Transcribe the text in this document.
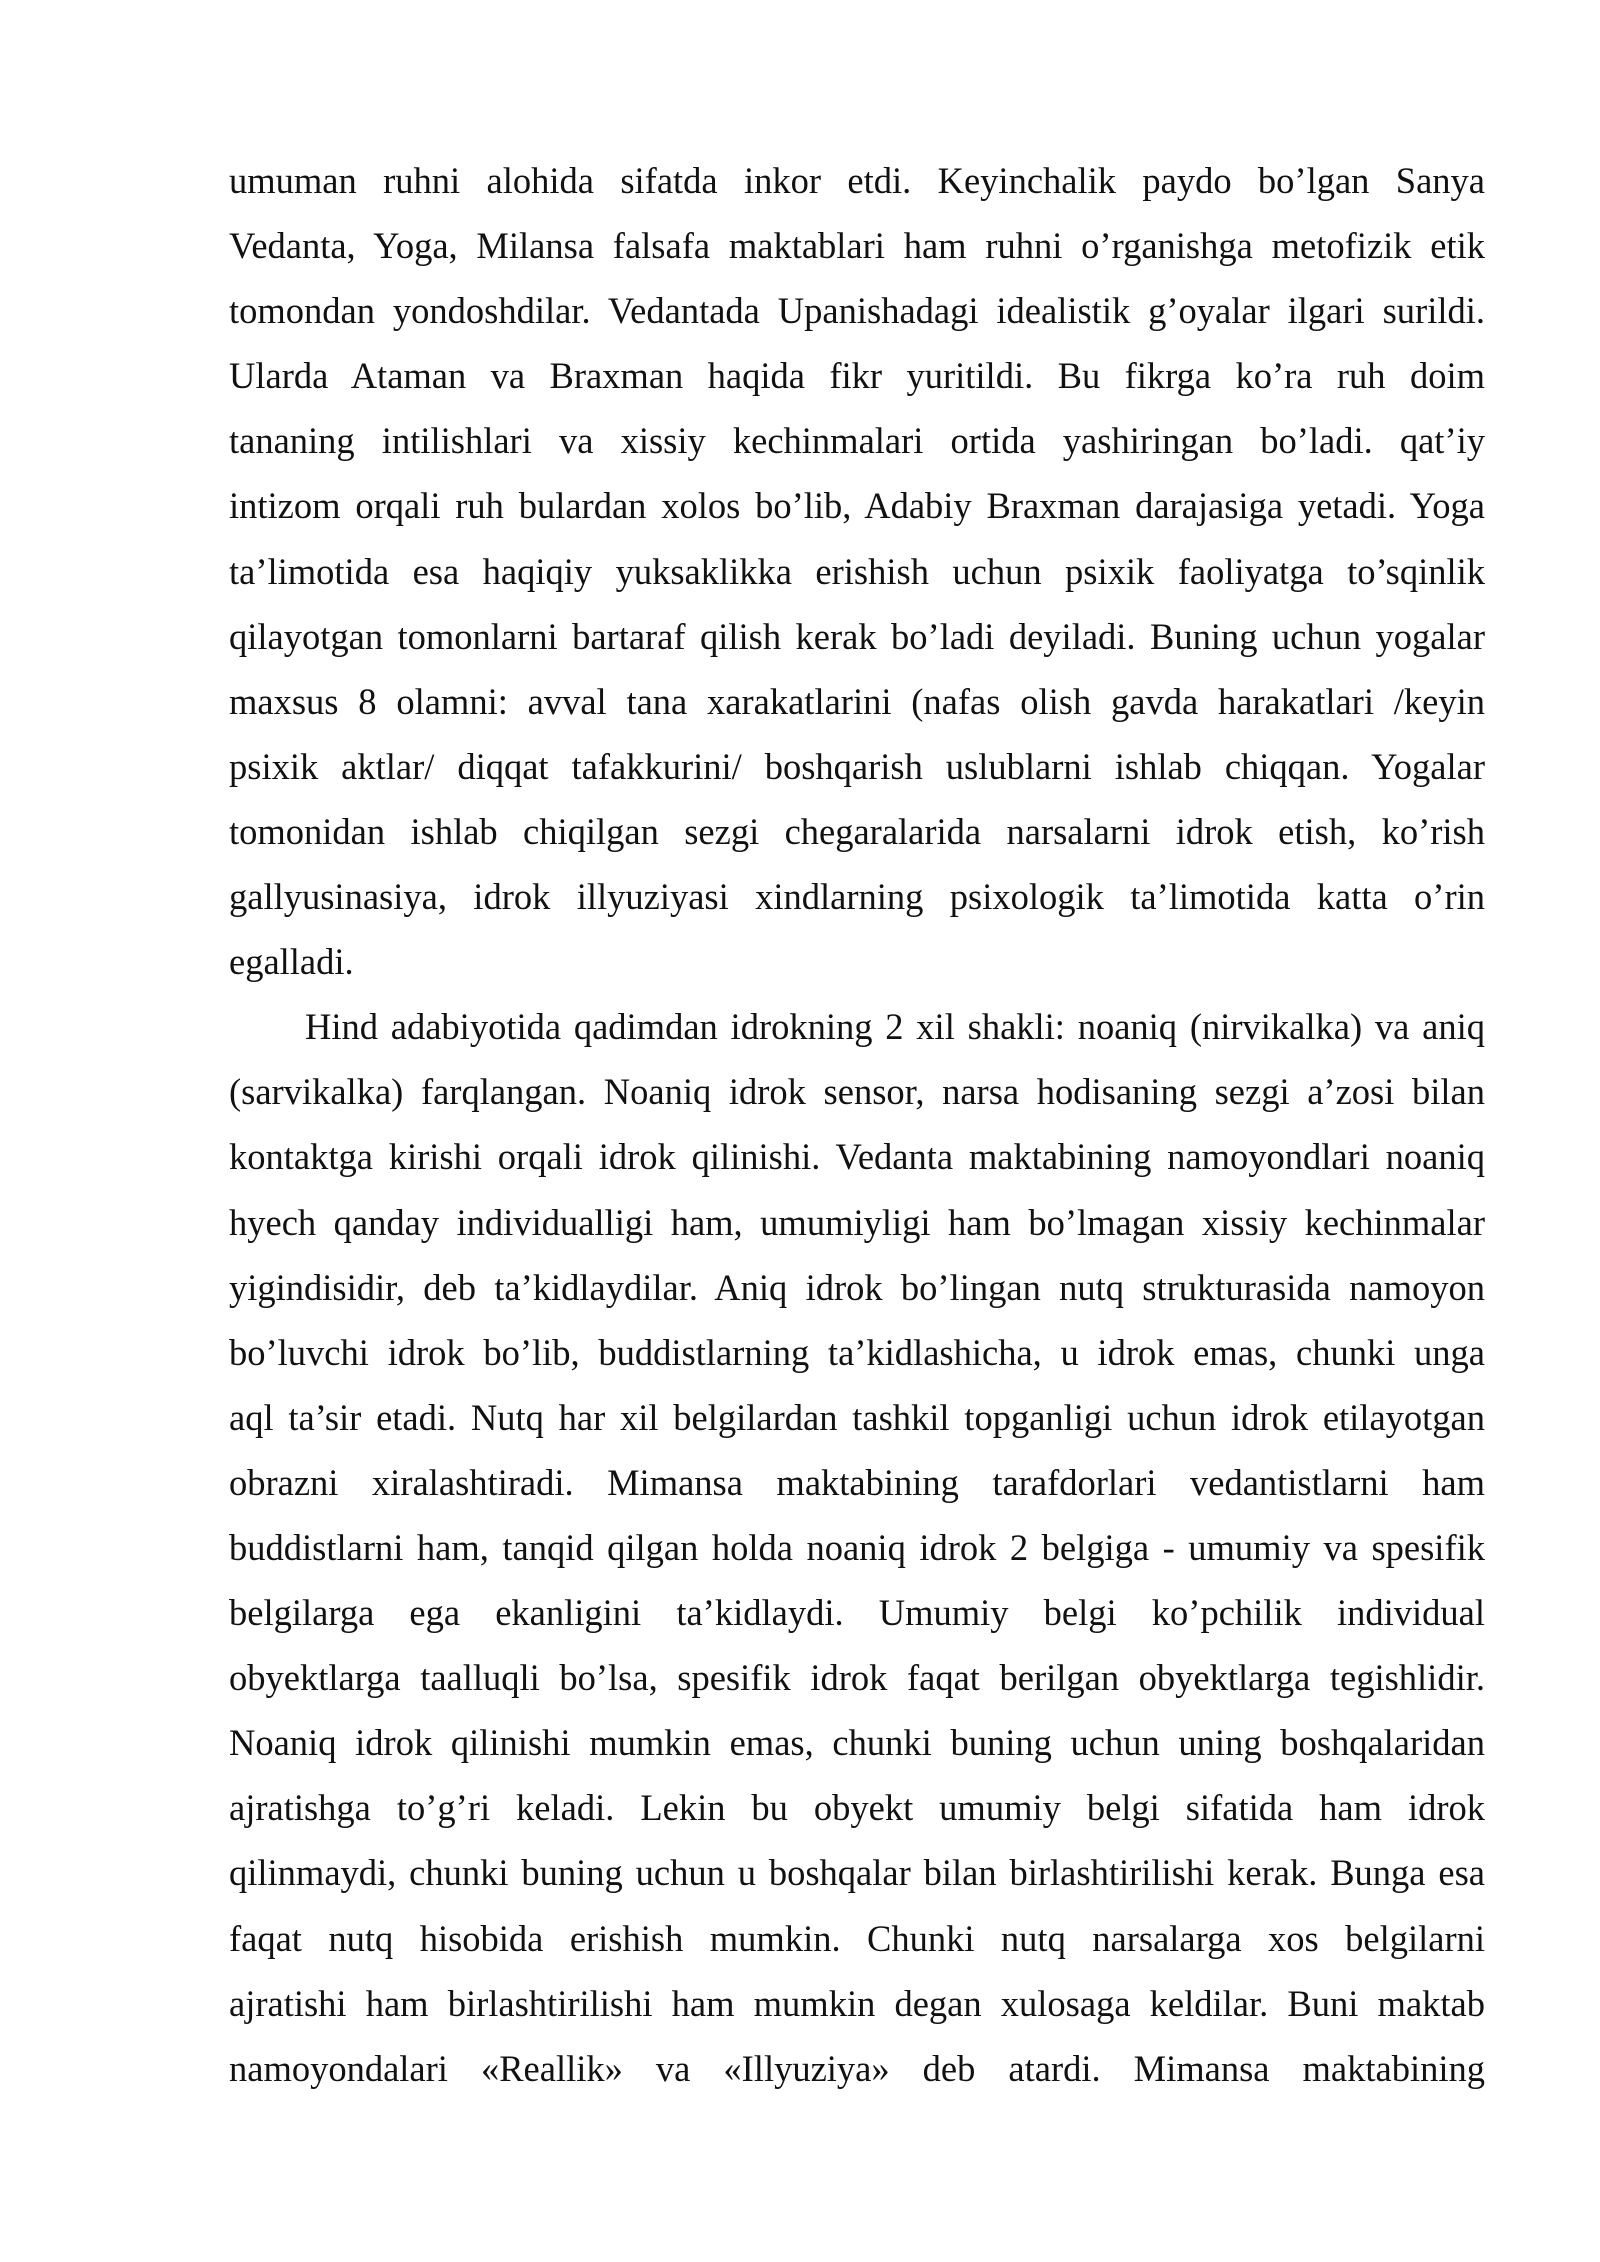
umuman ruhni alohida sifatda inkor etdi. Keyinchalik paydo bo’lgan Sanya
Vedanta, Yoga, Milansa falsafa maktablari ham ruhni o’rganishga metofizik etik
tomondan yondoshdilar. Vedantada Upanishadagi idealistik g’oyalar ilgari surildi.
Ularda Ataman va Braxman haqida fikr yuritildi. Bu fikrga ko’ra ruh doim
tananing intilishlari va xissiy kechinmalari ortida yashiringan bo’ladi. qat’iy
intizom orqali ruh bulardan xolos bo’lib, Adabiy Braxman darajasiga yetadi. Yoga
ta’limotida esa haqiqiy yuksaklikka erishish uchun psixik faoliyatga to’sqinlik
qilayotgan tomonlarni bartaraf qilish kerak bo’ladi deyiladi. Buning uchun yogalar
maxsus 8 olamni: avval tana xarakatlarini (nafas olish gavda harakatlari /keyin
psixik aktlar/ diqqat tafakkurini/ boshqarish uslublarni ishlab chiqqan. Yogalar
tomonidan ishlab chiqilgan sezgi chegaralarida narsalarni idrok etish, ko’rish
gallyusinasiya, idrok illyuziyasi xindlarning psixologik ta’limotida katta o’rin
egalladi.
Hind adabiyotida qadimdan idrokning 2 xil shakli: noaniq (nirvikalka) va aniq
(sarvikalka) farqlangan. Noaniq idrok sensor, narsa hodisaning sezgi a’zosi bilan
kontaktga kirishi orqali idrok qilinishi. Vedanta maktabining namoyondlari noaniq
hyech qanday individualligi ham, umumiyligi ham bo’lmagan xissiy kechinmalar
yigindisidir, deb ta’kidlaydilar. Aniq idrok bo’lingan nutq strukturasida namoyon
bo’luvchi idrok bo’lib, buddistlarning ta’kidlashicha, u idrok emas, chunki unga
aql ta’sir etadi. Nutq har xil belgilardan tashkil topganligi uchun idrok etilayotgan
obrazni xiralashtiradi. Mimansa maktabining tarafdorlari vedantistlarni ham
buddistlarni ham, tanqid qilgan holda noaniq idrok 2 belgiga - umumiy va spesifik
belgilarga ega ekanligini ta’kidlaydi. Umumiy belgi ko’pchilik individual
obyektlarga taalluqli bo’lsa, spesifik idrok faqat berilgan obyektlarga tegishlidir.
Noaniq idrok qilinishi mumkin emas, chunki buning uchun uning boshqalaridan
ajratishga to’g’ri keladi. Lekin bu obyekt umumiy belgi sifatida ham idrok
qilinmaydi, chunki buning uchun u boshqalar bilan birlashtirilishi kerak. Bunga esa
faqat nutq hisobida erishish mumkin. Chunki nutq narsalarga xos belgilarni
ajratishi ham birlashtirilishi ham mumkin degan xulosaga keldilar. Buni maktab
namoyondalari «Reallik» va «Illyuziya» deb atardi. Mimansa maktabining
